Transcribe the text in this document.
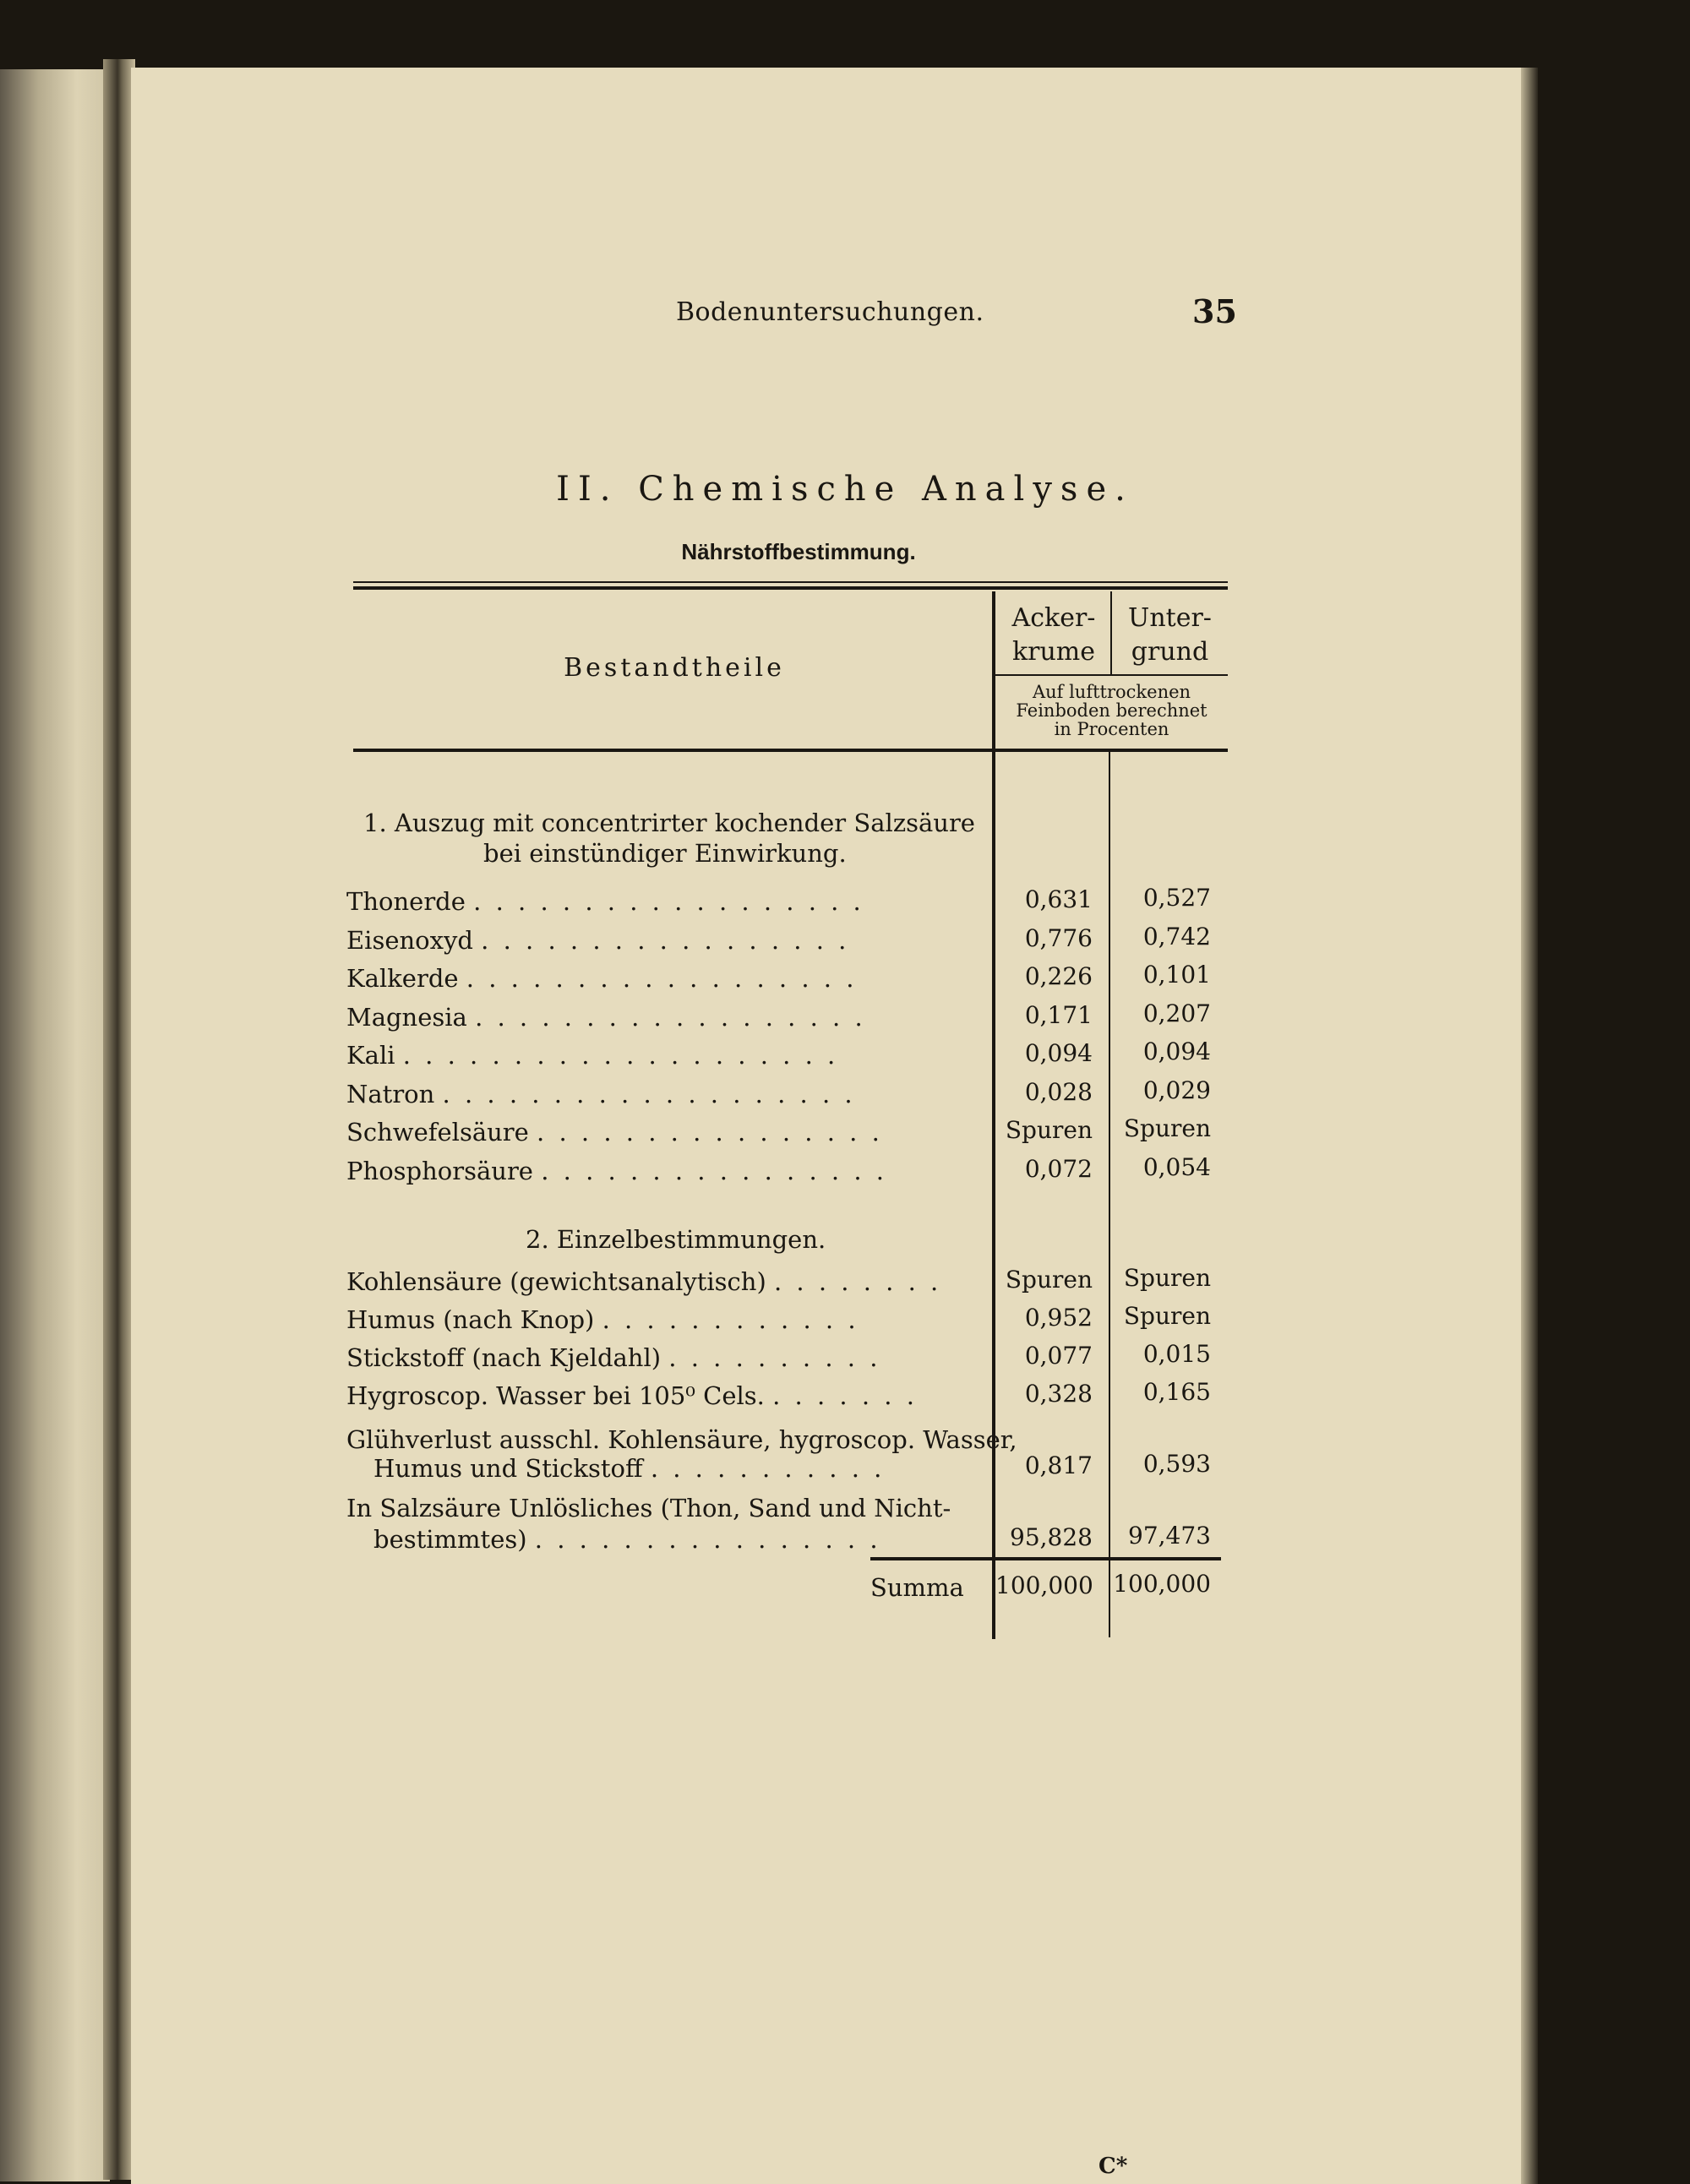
Bodenuntersuchungen.	35
II. Chemische Analyse.
Nährstoffbestimmung.
Bestandtheile
Acker-
krume
Unter-
grund
Auf lufttrockenen
Feinboden berechnet
in Procenten
1. Auszug mit concentrirter kochender Salzsäure
bei einstündiger Einwirkung.
Thonerde . . . . . . . . . . . . . . . . . .	0,631	0,527
Eisenoxyd . . . . . . . . . . . . . . . . .	0,776	0,742
Kalkerde . . . . . . . . . . . . . . . . . .	0,226	0,101
Magnesia . . . . . . . . . . . . . . . . . .	0,171	0,207
Kali . . . . . . . . . . . . . . . . . . . .	0,094	0,094
Natron . . . . . . . . . . . . . . . . . . .	0,028	0,029
Schwefelsäure . . . . . . . . . . . . . . . .	Spuren	Spuren
Phosphorsäure . . . . . . . . . . . . . . . .	0,072	0,054
2. Einzelbestimmungen.
Kohlensäure (gewichtsanalytisch) . . . . . . . .	Spuren	Spuren
Humus (nach Knop) . . . . . . . . . . . .	0,952	Spuren
Stickstoff (nach Kjeldahl) . . . . . . . . . .	0,077	0,015
Hygroscop. Wasser bei 105⁰ Cels. . . . . . . .	0,328	0,165
Glühverlust ausschl. Kohlensäure, hygroscop. Wasser,
Humus und Stickstoff . . . . . . . . . . .	0,817	0,593
In Salzsäure Unlösliches (Thon, Sand und Nicht-
bestimmtes) . . . . . . . . . . . . . . . .	95,828	97,473
Summa 100,000 100,000
C*
